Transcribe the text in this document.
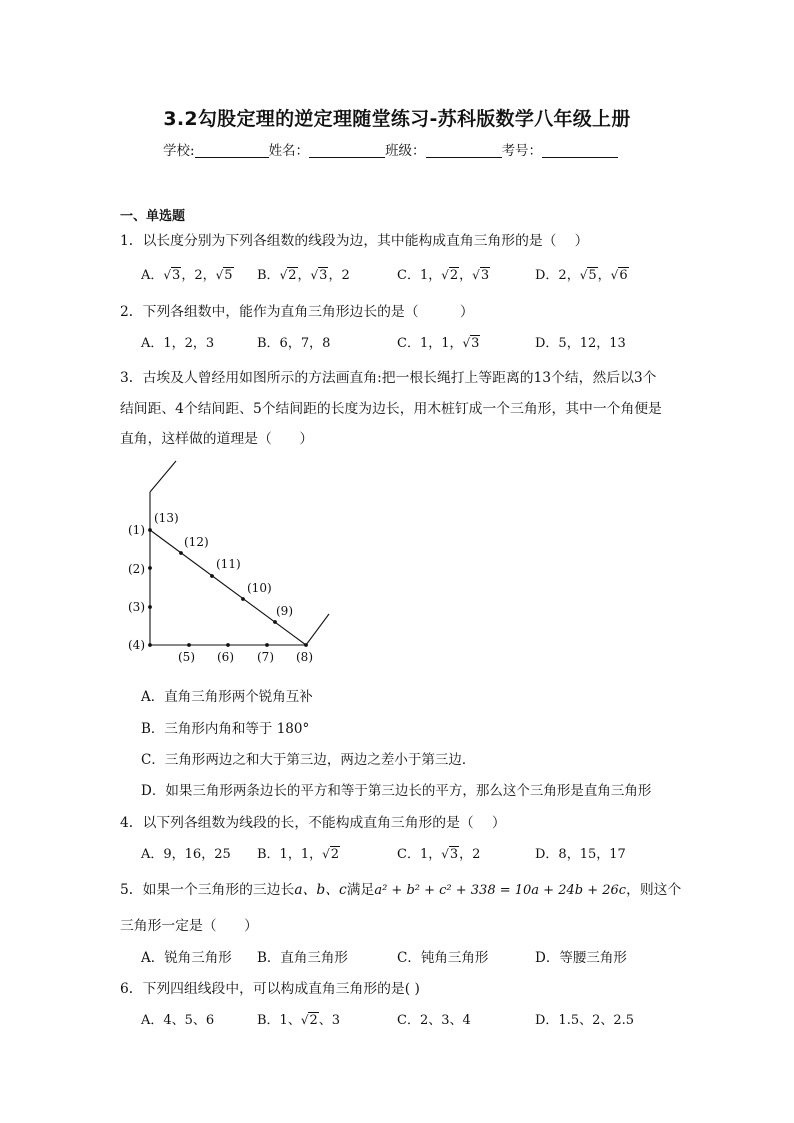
3.2勾股定理的逆定理随堂练习-苏科版数学八年级上册
学校:	姓名：	班级：	考号：
一、单选题
1．以长度分别为下列各组数的线段为边，其中能构成直角三角形的是（　 ）
A．√3，2，√5 B．√2，√3，2	C．1，√2，√3	D．2，√5，√6
2．下列各组数中，能作为直角三角形边长的是（　　　）
A．1，2，3	B．6，7，8	C．1，1，√3	D．5，12，13
3．古埃及人曾经用如图所示的方法画直角:把一根长绳打上等距离的13个结，然后以3个
结间距、4个结间距、5个结间距的长度为边长，用木桩钉成一个三角形，其中一个角便是
直角，这样做的道理是（　　）
(1)
(2)
(3)
(4)
(5) (6) (7) (8)
(9)
(10)
(11)
(12)
(13)
A．直角三角形两个锐角互补
B．三角形内角和等于 180°
C．三角形两边之和大于第三边，两边之差小于第三边．
D．如果三角形两条边长的平方和等于第三边长的平方，那么这个三角形是直角三角形
4．以下列各组数为线段的长，不能构成直角三角形的是（　 ）
A．9，16，25 B．1，1，√2	C．1，√3，2	D．8，15，17
5．如果一个三角形的三边长a、b、c满足a² + b² + c² + 338 = 10a + 24b + 26c，则这个
三角形一定是（　　）
A．锐角三角形 B．直角三角形	C．钝角三角形	D．等腰三角形
6．下列四组线段中，可以构成直角三角形的是( )
A．4、5、6	B．1、√2、3	C．2、3、4	D．1.5、2、2.5
